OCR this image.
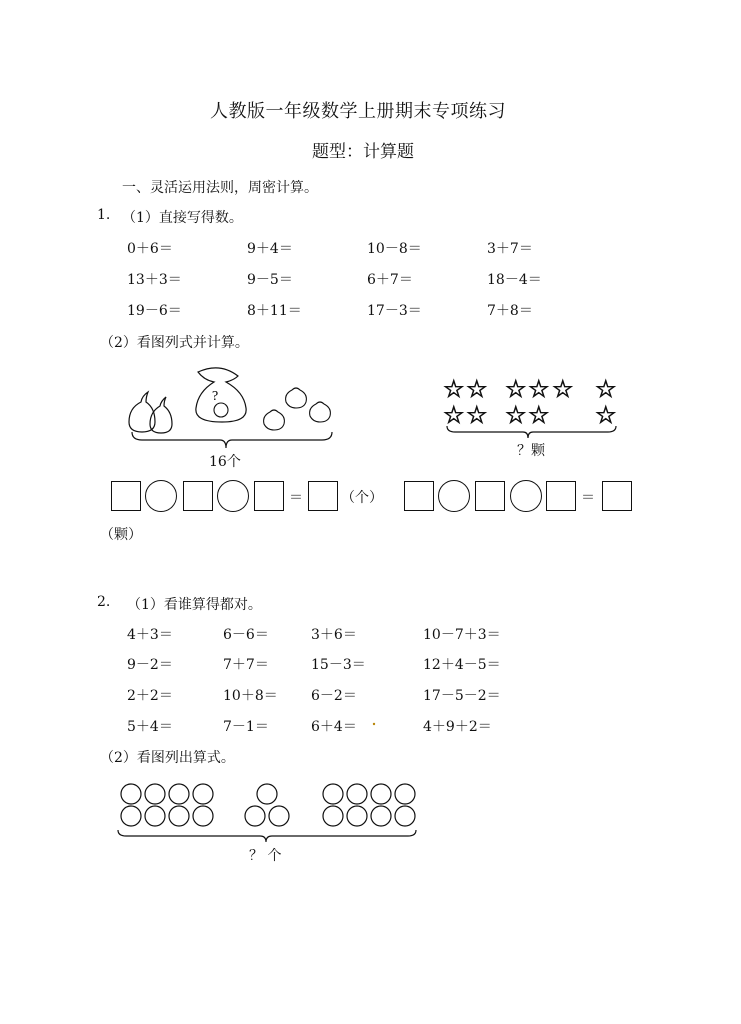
人教版一年级数学上册期末专项练习
题型：计算题
一、灵活运用法则，周密计算。
1. （1）直接写得数。
0＋6＝	9＋4＝	10－8＝	3＋7＝
13＋3＝	9－5＝	6＋7＝	18－4＝
19－6＝	8＋11＝	17－3＝	7＋8＝
（2）看图列式并计算。
?	☆ ☆ ☆ ☆ ☆ ☆
☆ ☆ ☆ ☆ ☆
16个
？颗
＝	（个）	＝
（颗）
2. （1）看谁算得都对。
4＋3＝	6－6＝	3＋6＝	10－7＋3＝
9－2＝	7＋7＝	15－3＝	12＋4－5＝
2＋2＝	10＋8＝ 6－2＝	17－5－2＝
5＋4＝	7－1＝	6＋4＝	4＋9＋2＝
（2）看图列出算式。
？ 个
